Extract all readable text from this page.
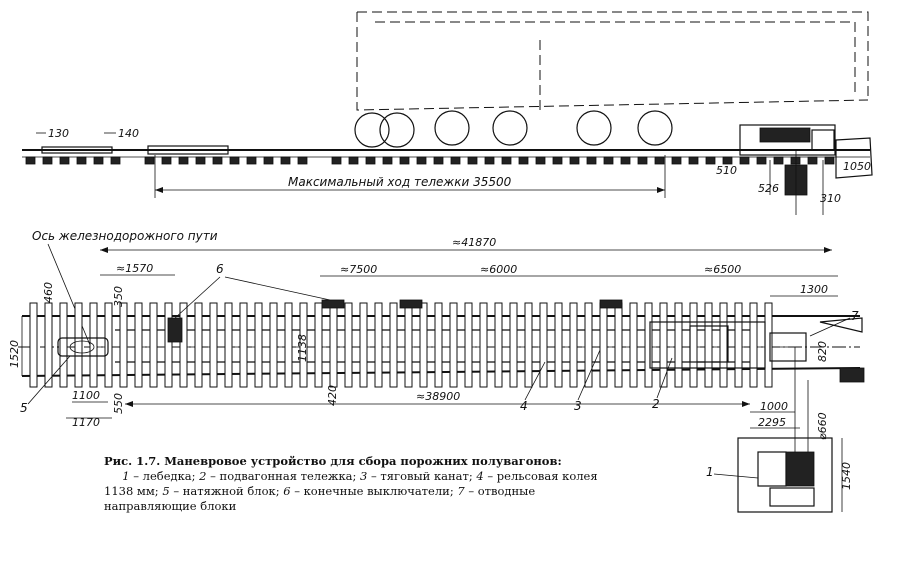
Максимальный ход тележки 35500
130	140
510
526
310
1050
Ось железнодорожного пути	≈41870
≈1570	≈7500	≈6000	≈6500
1300
460	350
1520	1138
420
820
550
1100
1170
≈38900
1000
2295	⌀660
1540
1
2
3
4
5
6
7
Рис. 1.7. Маневровое устройство для сбора порожних полувагонов:
1 – лебедка; 2 – подвагонная тележка; 3 – тяговый канат; 4 – рельсовая колея 1138 мм; 5 – натяжной блок; 6 – конечные выключатели; 7 – отводные направляющие блоки
